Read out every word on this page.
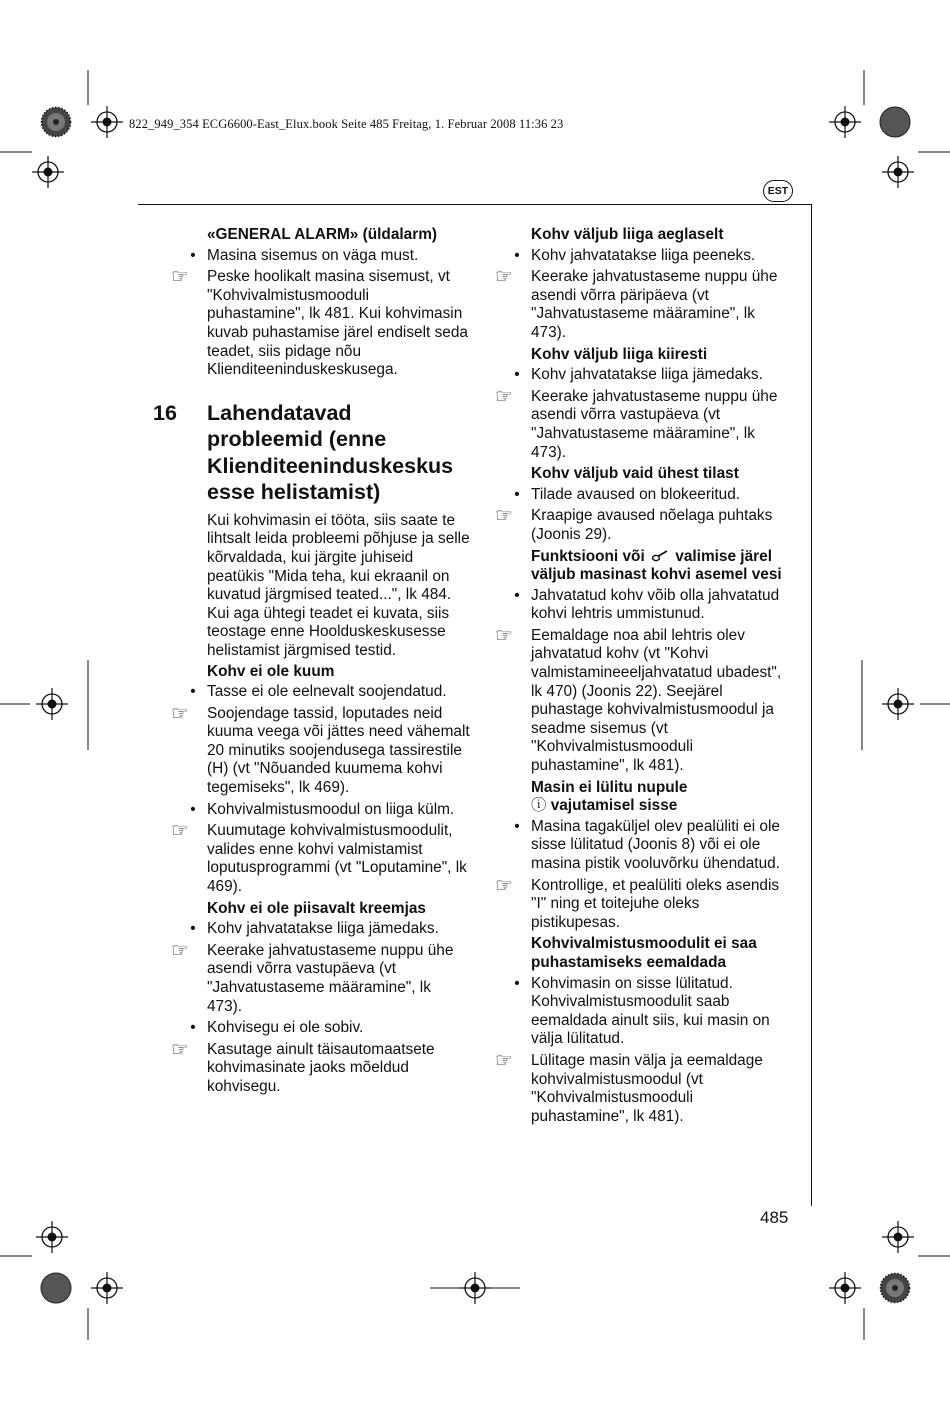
822_949_354 ECG6600-East_Elux.book Seite 485 Freitag, 1. Februar 2008 11:36 23
EST
«GENERAL ALARM» (üldalarm)
• Masina sisemus on väga must.
☞	Peske hoolikalt masina sisemust, vt "Kohvivalmistusmooduli puhastamine", lk 481. Kui kohvimasin kuvab puhastamise järel endiselt seda teadet, siis pidage nõu Klienditeeninduskeskusega.
16 Lahendatavad probleemid (enne Klienditeeninduskeskus esse helistamist)
Kui kohvimasin ei tööta, siis saate te lihtsalt leida probleemi põhjuse ja selle kõrvaldada, kui järgite juhiseid peatükis "Mida teha, kui ekraanil on kuvatud järgmised teated...", lk 484. Kui aga ühtegi teadet ei kuvata, siis teostage enne Hoolduskeskusesse helistamist järgmised testid.
Kohv ei ole kuum
• Tasse ei ole eelnevalt soojendatud.
☞	Soojendage tassid, loputades neid kuuma veega või jättes need vähemalt 20 minutiks soojendusega tassirestile (H) (vt "Nõuanded kuumema kohvi tegemiseks", lk 469).
• Kohvivalmistusmoodul on liiga külm.
☞	Kuumutage kohvivalmistusmoodulit, valides enne kohvi valmistamist loputusprogrammi (vt "Loputamine", lk 469).
Kohv ei ole piisavalt kreemjas
• Kohv jahvatatakse liiga jämedaks.
☞	Keerake jahvatustaseme nuppu ühe asendi võrra vastupäeva (vt "Jahvatustaseme määramine", lk 473).
• Kohvisegu ei ole sobiv.
☞	Kasutage ainult täisautomaatsete kohvimasinate jaoks mõeldud kohvisegu.
Kohv väljub liiga aeglaselt
• Kohv jahvatatakse liiga peeneks.
☞	Keerake jahvatustaseme nuppu ühe asendi võrra päripäeva (vt "Jahvatustaseme määramine", lk 473).
Kohv väljub liiga kiiresti
• Kohv jahvatatakse liiga jämedaks.
☞	Keerake jahvatustaseme nuppu ühe asendi võrra vastupäeva (vt "Jahvatustaseme määramine", lk 473).
Kohv väljub vaid ühest tilast
• Tilade avaused on blokeeritud.
☞	Kraapige avaused nõelaga puhtaks (Joonis 29).
Funktsiooni või valimise järel väljub masinast kohvi asemel vesi
• Jahvatatud kohv võib olla jahvatatud kohvi lehtris ummistunud.
☞	Eemaldage noa abil lehtris olev jahvatatud kohv (vt "Kohvi valmistamineeeljahvatatud ubadest", lk 470) (Joonis 22). Seejärel puhastage kohvivalmistusmoodul ja seadme sisemus (vt "Kohvivalmistusmooduli puhastamine", lk 481).
Masin ei lülitu nupule
ⓘ vajutamisel sisse
• Masina tagaküljel olev pealüliti ei ole sisse lülitatud (Joonis 8) või ei ole masina pistik vooluvõrku ühendatud.
☞	Kontrollige, et pealüliti oleks asendis "I" ning et toitejuhe oleks pistikupesas.
Kohvivalmistusmoodulit ei saa puhastamiseks eemaldada
• Kohvimasin on sisse lülitatud. Kohvivalmistusmoodulit saab eemaldada ainult siis, kui masin on välja lülitatud.
☞	Lülitage masin välja ja eemaldage kohvivalmistusmoodul (vt "Kohvivalmistusmooduli puhastamine", lk 481).
485
